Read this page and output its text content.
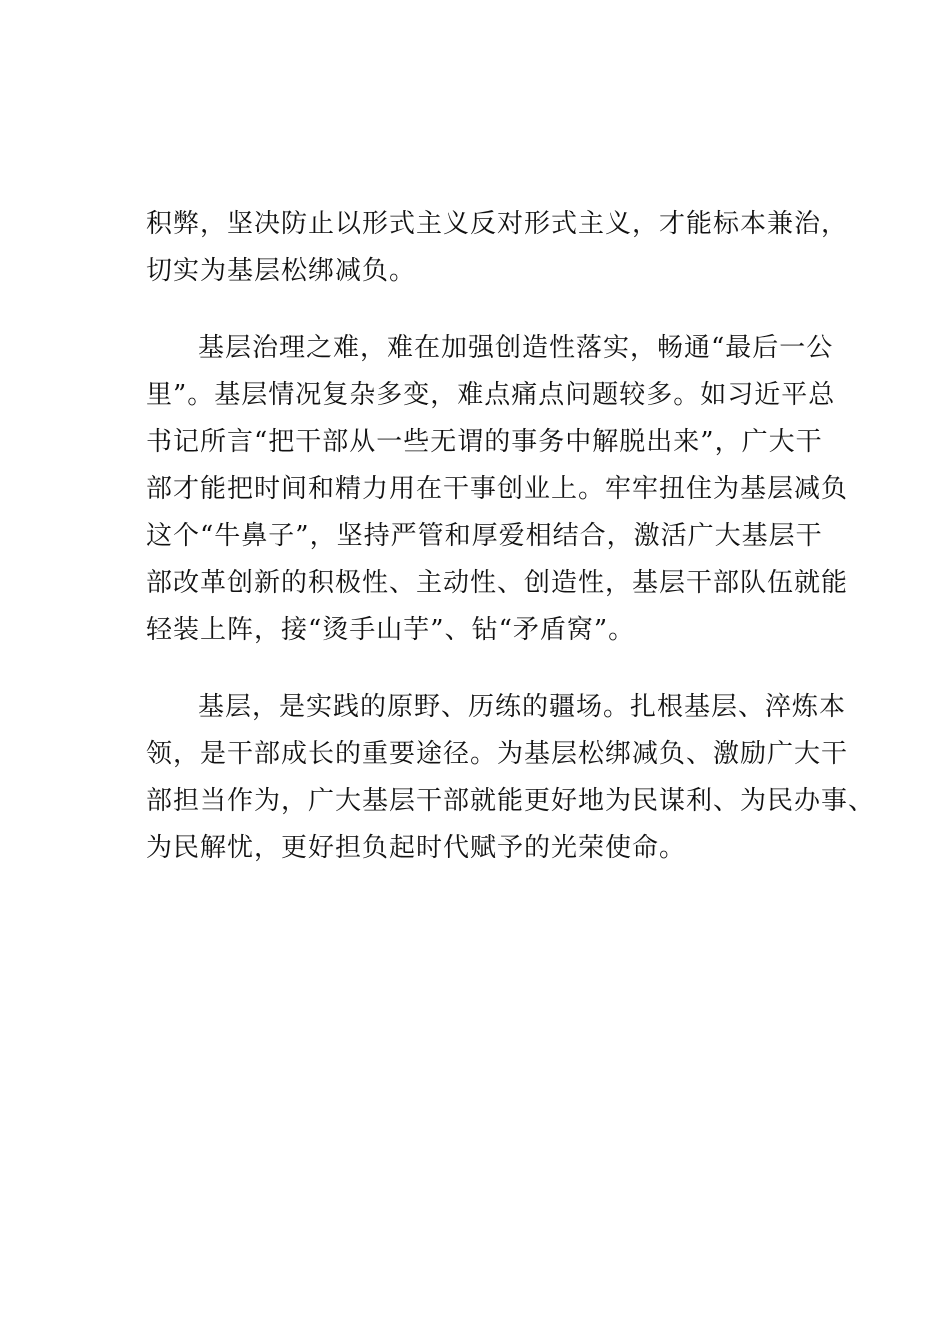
积弊，坚决防止以形式主义反对形式主义，才能标本兼治，
切实为基层松绑减负。
基层治理之难，难在加强创造性落实，畅通“最后一公
里”。基层情况复杂多变，难点痛点问题较多。如习近平总
书记所言“把干部从一些无谓的事务中解脱出来”，广大干
部才能把时间和精力用在干事创业上。牢牢扭住为基层减负
这个“牛鼻子”，坚持严管和厚爱相结合，激活广大基层干
部改革创新的积极性、主动性、创造性，基层干部队伍就能
轻装上阵，接“烫手山芋”、钻“矛盾窝”。
基层，是实践的原野、历练的疆场。扎根基层、淬炼本
领，是干部成长的重要途径。为基层松绑减负、激励广大干
部担当作为，广大基层干部就能更好地为民谋利、为民办事、
为民解忧，更好担负起时代赋予的光荣使命。
